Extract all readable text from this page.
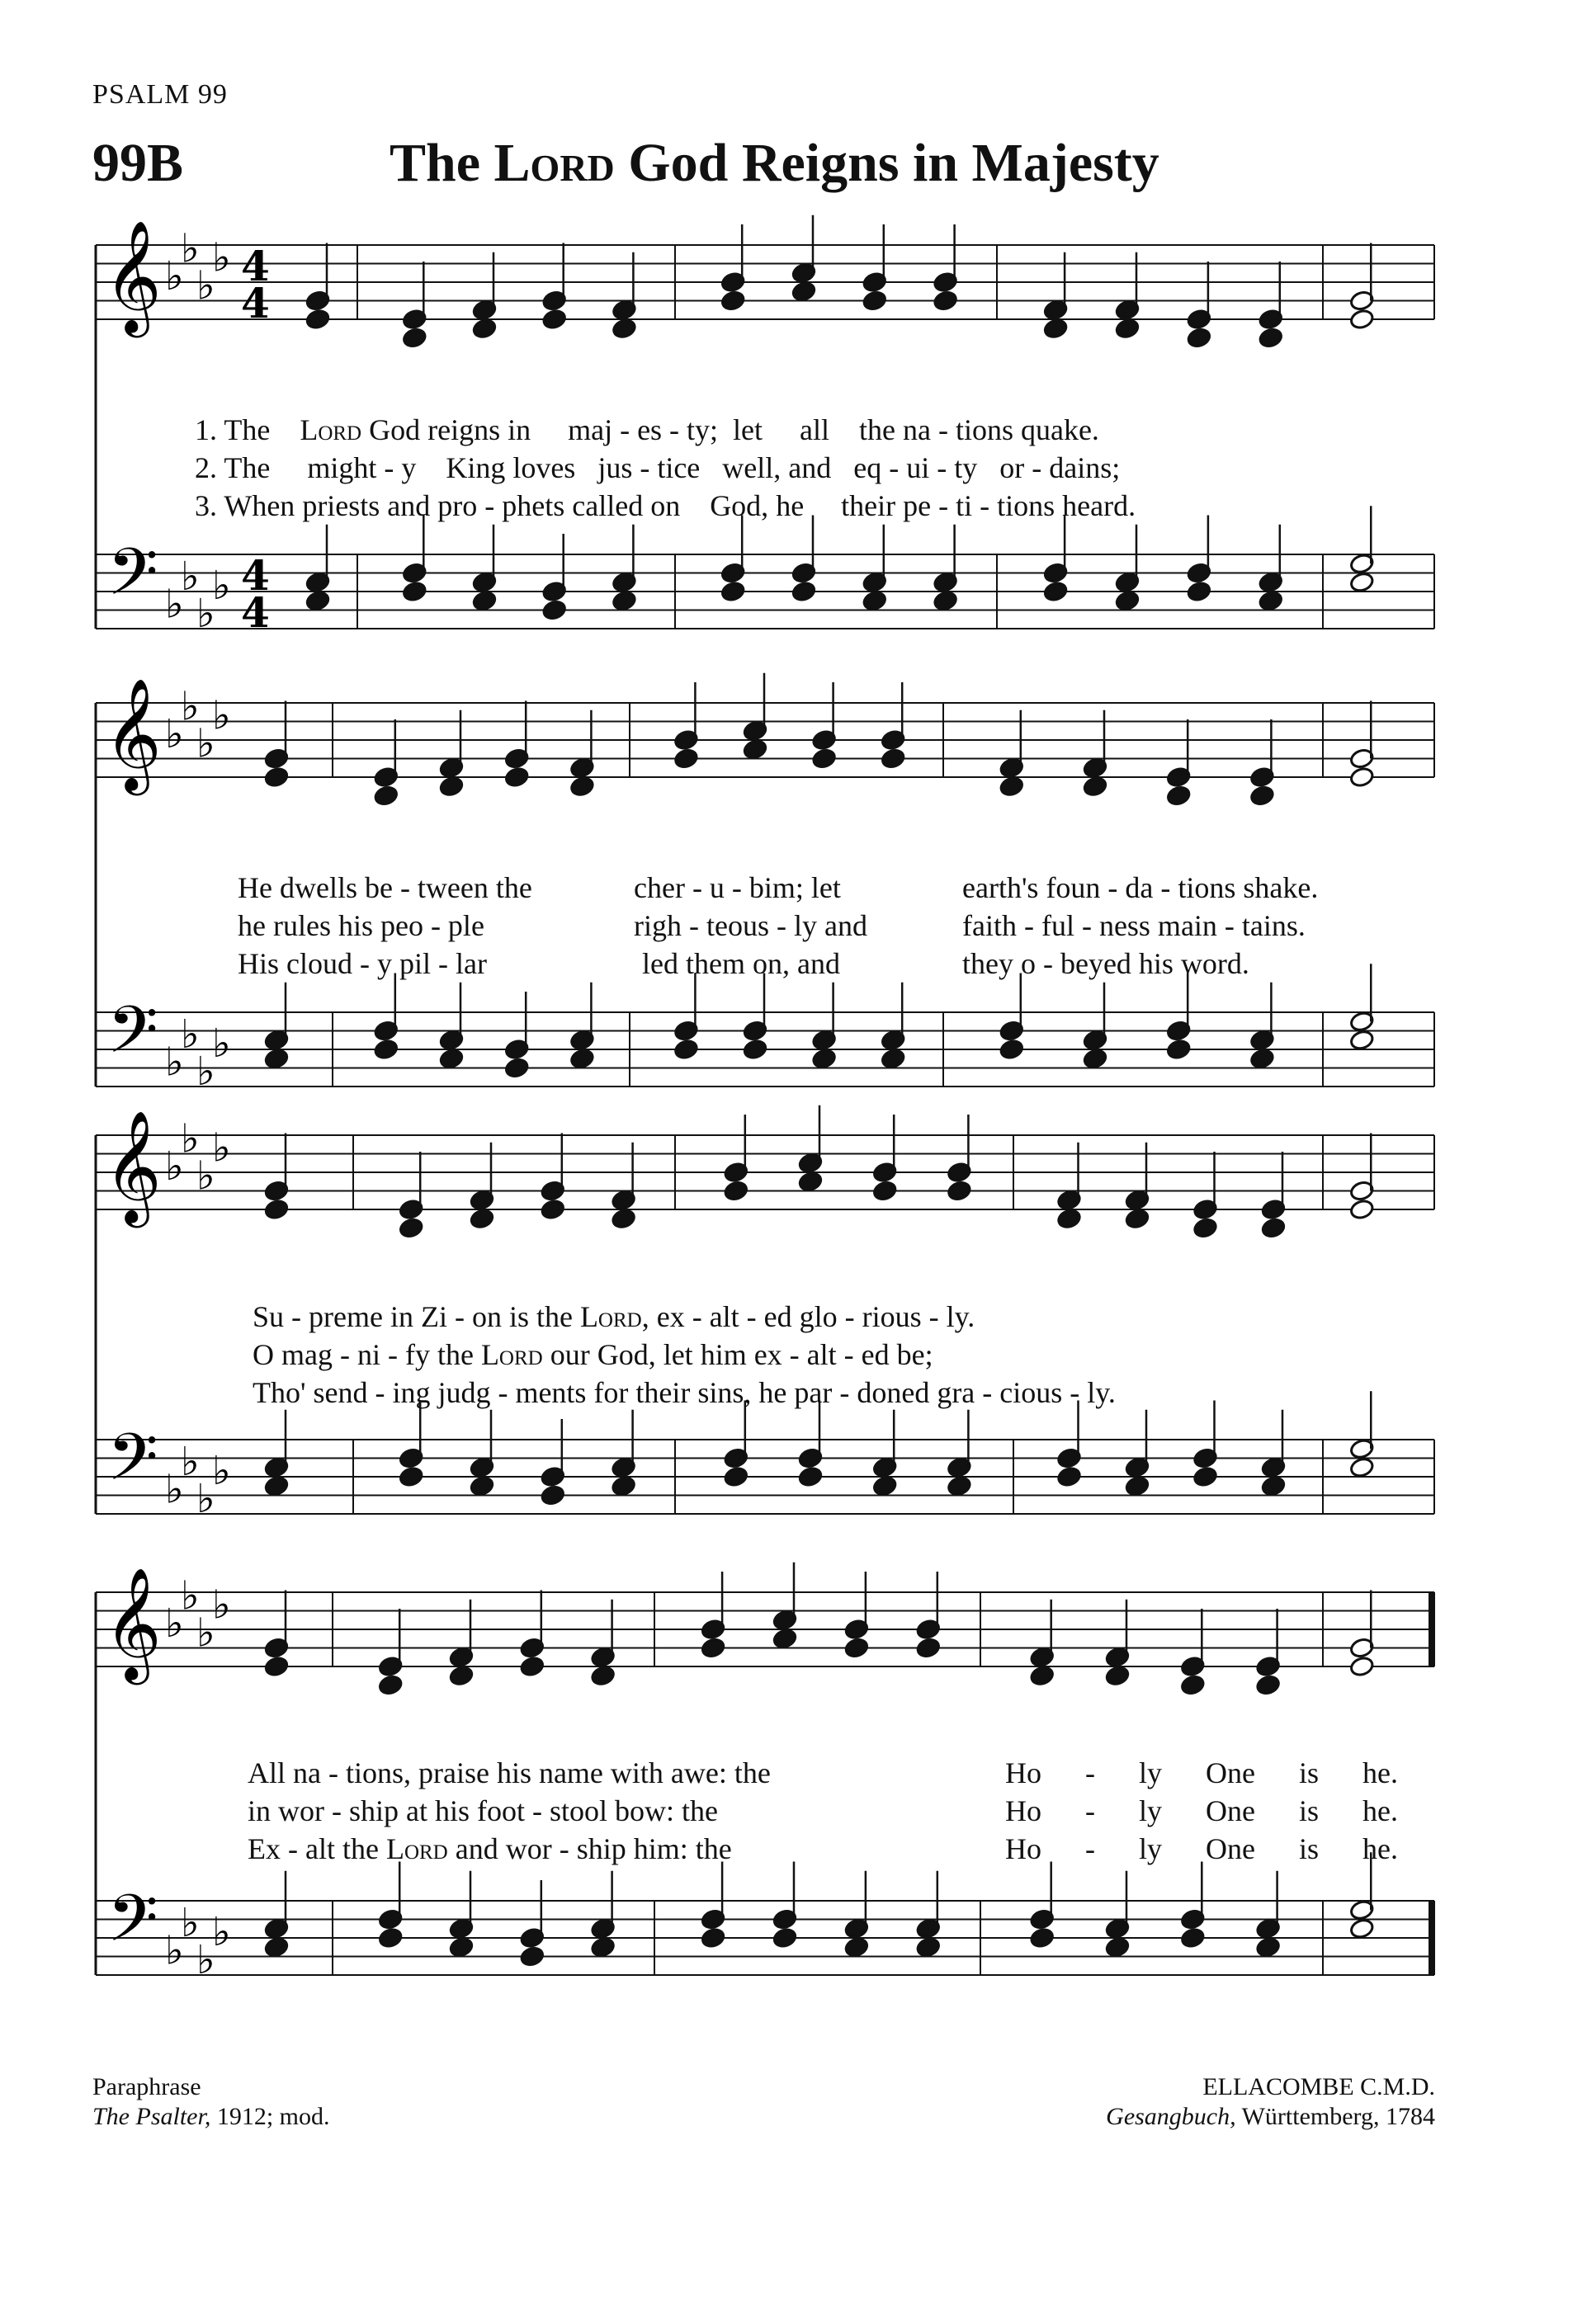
PSALM 99
99B	The Lord God Reigns in Majesty
𝄞
𝄢
♭
♭
♭
♭
♭
♭
♭
♭
4
4
4
4
𝄞
𝄢
♭
♭
♭
♭
♭
♭
♭
♭
𝄞
𝄢
♭
♭
♭
♭
♭
♭
♭
♭
𝄞
𝄢
♭
♭
♭
♭
♭
♭
♭
♭
1. The Lord God reigns in maj - es - ty; let all the na - tions quake.
2. The might - y King loves jus - tice well, and eq - ui - ty or - dains;
3. When priests and pro - phets called on God, he their pe - ti - tions heard.
He dwells be - tween the	cher - u - bim; let	earth's foun - da - tions shake.
he rules his peo - ple	righ - teous - ly and	faith - ful - ness main - tains.
His cloud - y pil - lar	led them on, and	they o - beyed his word.
Su - preme in Zi - on is the Lord, ex - alt - ed glo - rious - ly.
O mag - ni - fy the Lord our God, let him ex - alt - ed be;
Tho' send - ing judg - ments for their sins, he par - doned gra - cious - ly.
All na - tions, praise his name with awe: the	Ho - ly One is he.
in wor - ship at his foot - stool bow: the	Ho - ly One is he.
Ex - alt the Lord and wor - ship him: the	Ho - ly One is he.
Paraphrase
The Psalter, 1912; mod.
ELLACOMBE C.M.D.
Gesangbuch, Württemberg, 1784
